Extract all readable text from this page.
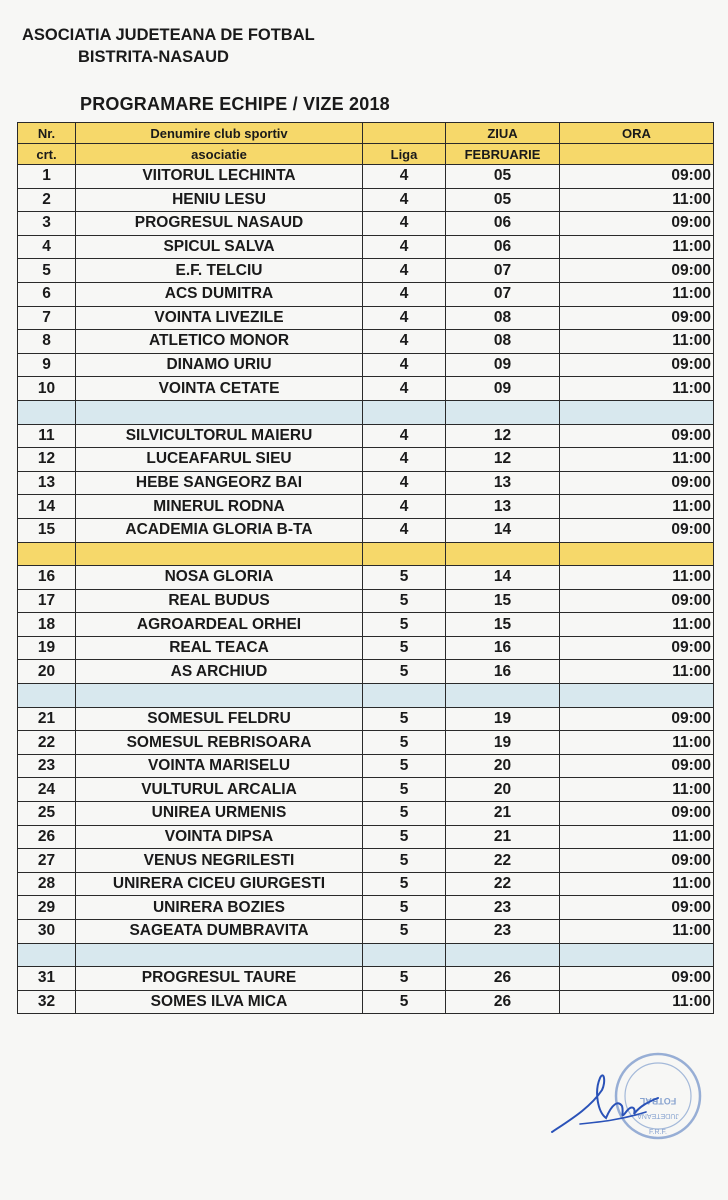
ASOCIATIA JUDETEANA DE FOTBAL
BISTRITA-NASAUD
PROGRAMARE ECHIPE / VIZE 2018
Nr.	Denumire club sportiv		ZIUA	ORA
crt.	asociatie	Liga	FEBRUARIE	
1	VIITORUL LECHINTA	4	05	09:00
2	HENIU LESU	4	05	11:00
3	PROGRESUL NASAUD	4	06	09:00
4	SPICUL SALVA	4	06	11:00
5	E.F. TELCIU	4	07	09:00
6	ACS DUMITRA	4	07	11:00
7	VOINTA LIVEZILE	4	08	09:00
8	ATLETICO MONOR	4	08	11:00
9	DINAMO URIU	4	09	09:00
10	VOINTA CETATE	4	09	11:00

11	SILVICULTORUL MAIERU	4	12	09:00
12	LUCEAFARUL SIEU	4	12	11:00
13	HEBE SANGEORZ BAI	4	13	09:00
14	MINERUL RODNA	4	13	11:00
15	ACADEMIA GLORIA B-TA	4	14	09:00

16	NOSA GLORIA	5	14	11:00
17	REAL BUDUS	5	15	09:00
18	AGROARDEAL ORHEI	5	15	11:00
19	REAL TEACA	5	16	09:00
20	AS ARCHIUD	5	16	11:00

21	SOMESUL FELDRU	5	19	09:00
22	SOMESUL REBRISOARA	5	19	11:00
23	VOINTA MARISELU	5	20	09:00
24	VULTURUL ARCALIA	5	20	11:00
25	UNIREA URMENIS	5	21	09:00
26	VOINTA DIPSA	5	21	11:00
27	VENUS NEGRILESTI	5	22	09:00
28	UNIRERA CICEU GIURGESTI	5	22	11:00
29	UNIRERA BOZIES	5	23	09:00
30	SAGEATA DUMBRAVITA	5	23	11:00

31	PROGRESUL TAURE	5	26	09:00
32	SOMES ILVA MICA	5	26	11:00
JUDETEANA
FOTBAL
F.R.F.
